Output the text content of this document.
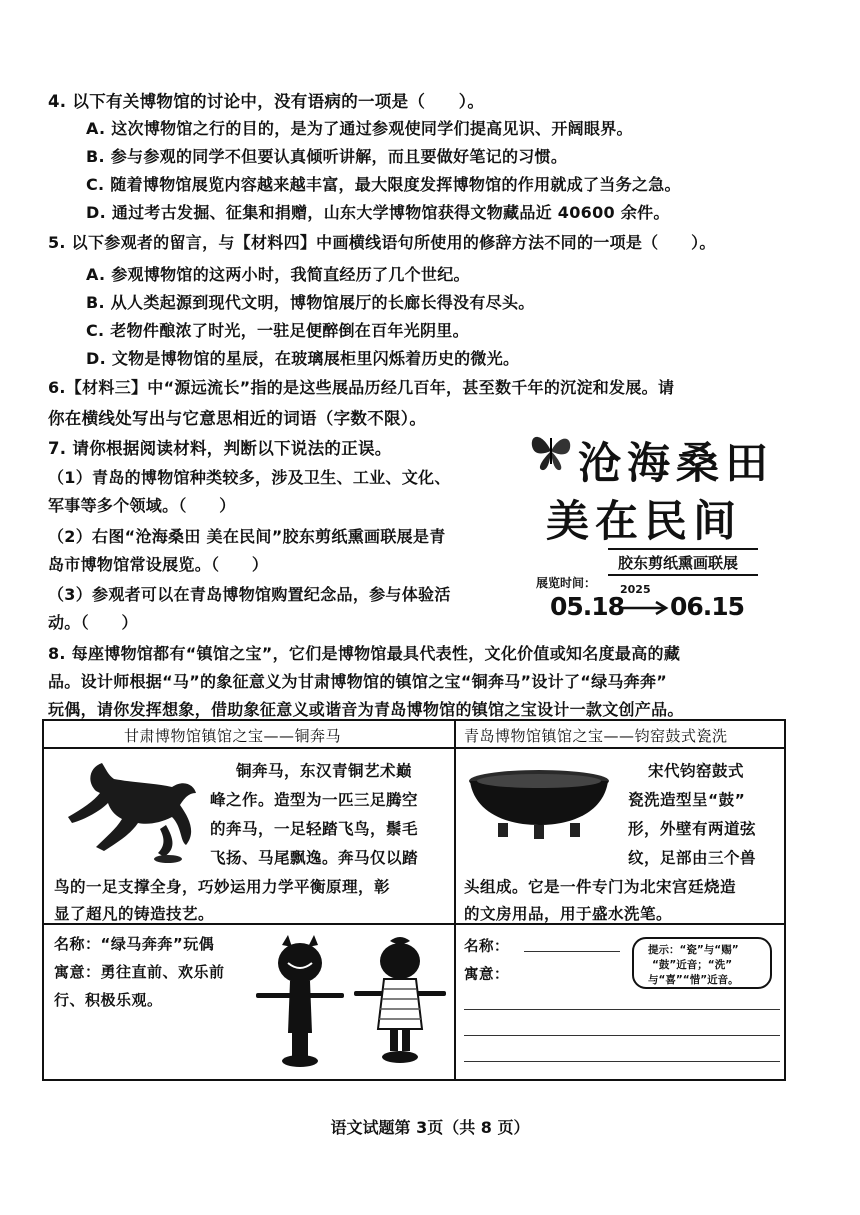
4. 以下有关博物馆的讨论中，没有语病的一项是（　　）。
A. 这次博物馆之行的目的，是为了通过参观使同学们提高见识、开阔眼界。
B. 参与参观的同学不但要认真倾听讲解，而且要做好笔记的习惯。
C. 随着博物馆展览内容越来越丰富，最大限度发挥博物馆的作用就成了当务之急。
D. 通过考古发掘、征集和捐赠，山东大学博物馆获得文物藏品近 40600 余件。
5. 以下参观者的留言，与【材料四】中画横线语句所使用的修辞方法不同的一项是（　　）。
A. 参观博物馆的这两小时，我简直经历了几个世纪。
B. 从人类起源到现代文明，博物馆展厅的长廊长得没有尽头。
C. 老物件酿浓了时光，一驻足便醉倒在百年光阴里。
D. 文物是博物馆的星辰，在玻璃展柜里闪烁着历史的微光。
6.【材料三】中“源远流长”指的是这些展品历经几百年，甚至数千年的沉淀和发展。请
你在横线处写出与它意思相近的词语（字数不限）。
7. 请你根据阅读材料，判断以下说法的正误。
（1）青岛的博物馆种类较多，涉及卫生、工业、文化、
军事等多个领域。（　　）
（2）右图“沧海桑田 美在民间”胶东剪纸熏画联展是青
岛市博物馆常设展览。（　　）
（3）参观者可以在青岛博物馆购置纪念品，参与体验活
动。（　　）
沧海桑田
美在民间
胶东剪纸熏画联展
展览时间： 2025
05.18 06.15
8. 每座博物馆都有“镇馆之宝”，它们是博物馆最具代表性，文化价值或知名度最高的藏
品。设计师根据“马”的象征意义为甘肃博物馆的镇馆之宝“铜奔马”设计了“绿马奔奔”
玩偶，请你发挥想象，借助象征意义或谐音为青岛博物馆的镇馆之宝设计一款文创产品。
甘肃博物馆镇馆之宝——铜奔马	青岛博物馆镇馆之宝——钧窑鼓式瓷洗
铜奔马，东汉青铜艺术巅
峰之作。造型为一匹三足腾空
的奔马，一足轻踏飞鸟，鬃毛
飞扬、马尾飘逸。奔马仅以踏
鸟的一足支撑全身，巧妙运用力学平衡原理，彰
显了超凡的铸造技艺。
宋代钧窑鼓式
瓷洗造型呈“鼓”
形，外壁有两道弦
纹，足部由三个兽
头组成。它是一件专门为北宋宫廷烧造
的文房用品，用于盛水洗笔。
名称：“绿马奔奔”玩偶
寓意：勇往直前、欢乐前
行、积极乐观。
名称：
寓意：
提示：“瓷”与“赐”
“鼓”近音；“洗”
与“喜”“惜”近音。
语文试题第 3页（共 8 页）
